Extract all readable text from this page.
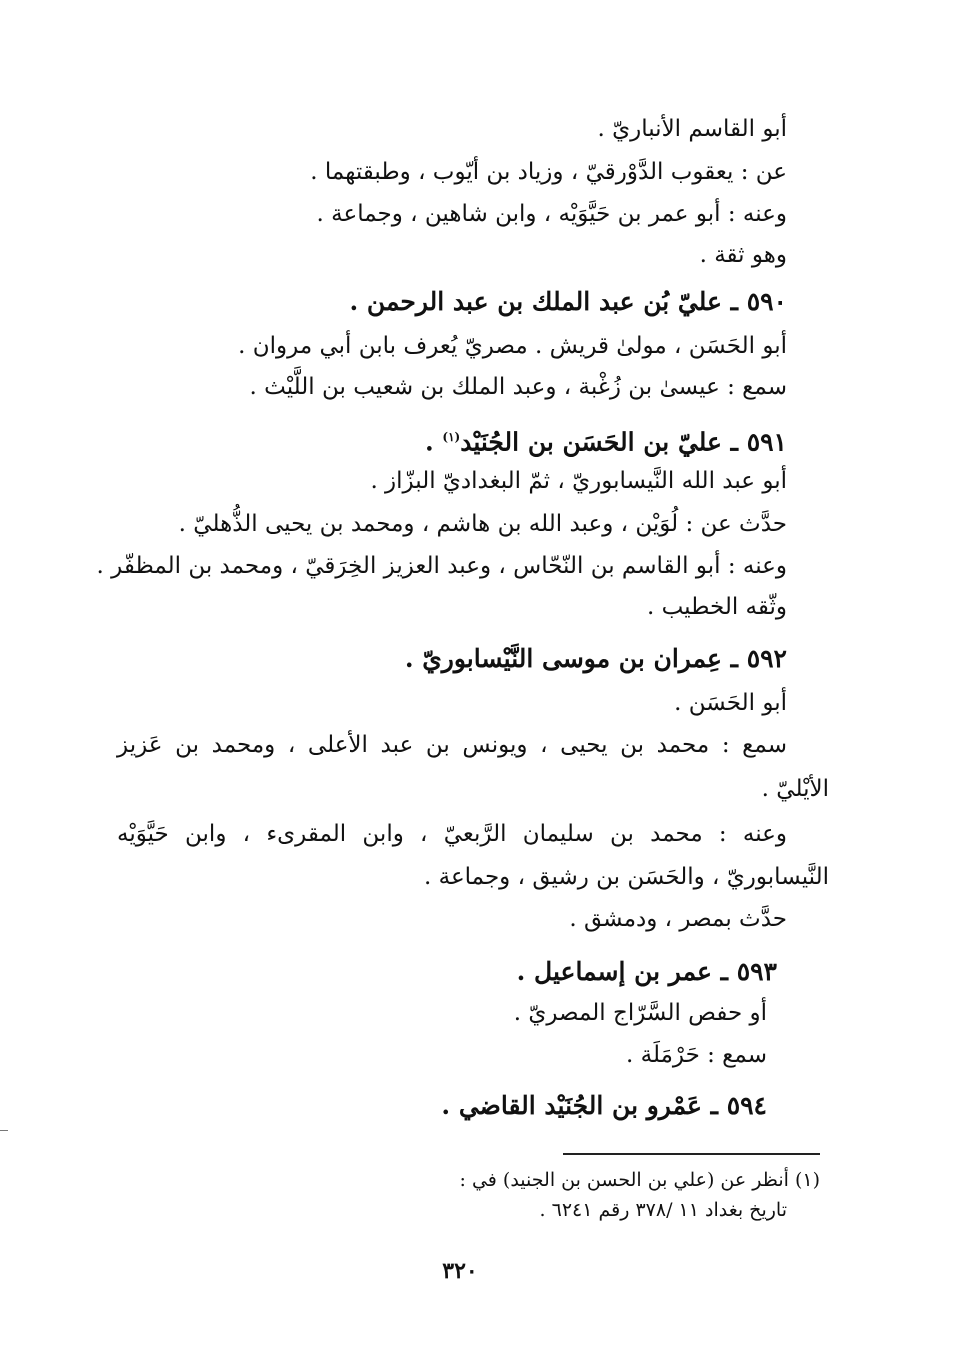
أبو القاسم الأنباريّ .
عن : يعقوب الدَّوْرقيّ ، وزياد بن أيّوب ، وطبقتهما .
وعنه : أبو عمر بن حَيَّوَيْه ، وابن شاهين ، وجماعة .
وهو ثقة .
٥٩٠ ـ عليّ بُن عبد الملك بن عبد الرحمن .
أبو الحَسَن ، مولىٰ قريش . مصريّ يُعرف بابن أبي مروان .
سمع : عيسىٰ بن زُغْبة ، وعبد الملك بن شعيب بن اللَّيْث .
٥٩١ ـ عليّ بن الحَسَن بن الجُنَيْد$^{(١)}$ .
أبو عبد الله النَّيسابوريّ ، ثمّ البغداديّ البزّاز .
حدَّث عن : لُوَيْن ، وعبد الله بن هاشم ، ومحمد بن يحيى الذُّهليّ .
وعنه : أبو القاسم بن النّحّاس ، وعبد العزيز الخِرَقيّ ، ومحمد بن المظفّر .
وثّقه الخطيب .
٥٩٢ ـ عِمران بن موسى النَّيْسابوريّ .
أبو الحَسَن .
سمع : محمد بن يحيى ، ويونس بن عبد الأعلى ، ومحمد بن عَزيز
الأيْليّ .
وعنه : محمد بن سليمان الرَّبعيّ ، وابن المقرىء ، وابن حَيَّوَيْه
النَّيسابوريّ ، والحَسَن بن رشيق ، وجماعة .
حدَّث بمصر ، ودمشق .
٥٩٣ ـ عمر بن إسماعيل .
أو حفص السَّرّاج المصريّ .
سمع : حَرْمَلَة .
٥٩٤ ـ عَمْرو بن الجُنَيْد القاضي .
(١) أنظر عن (علي بن الحسن بن الجنيد) في :
تاريخ بغداد ١١ /٣٧٨ رقم ٦٢٤١ .
٣٢٠
